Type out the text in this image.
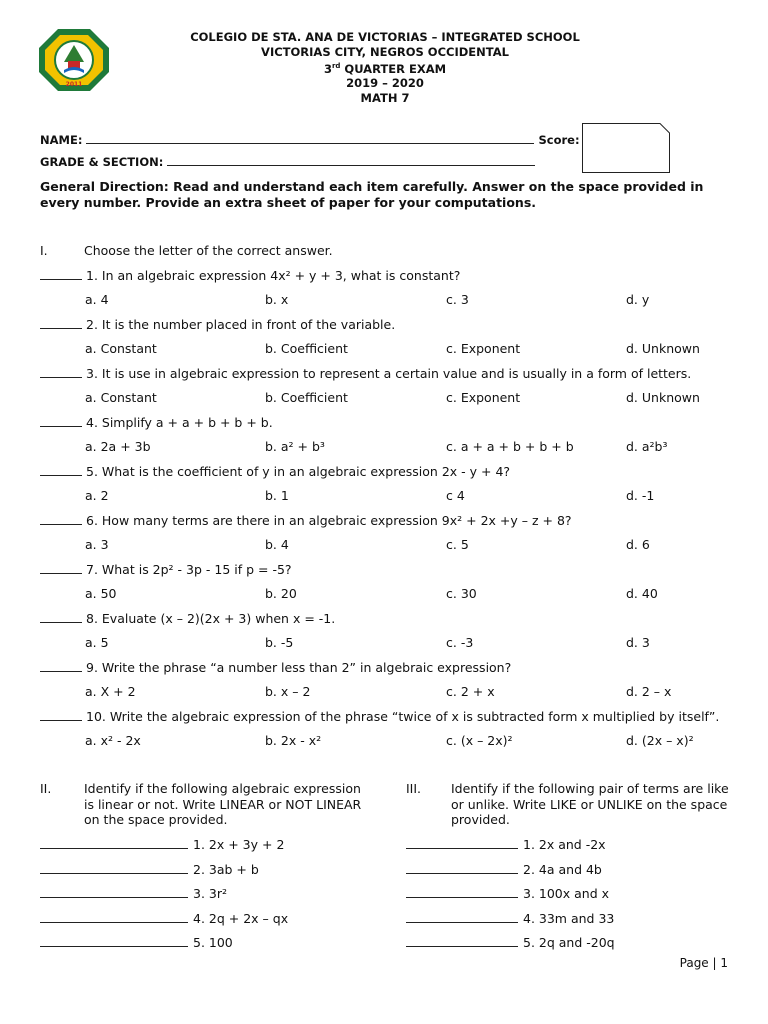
2011
COLEGIO DE STA. ANA DE VICTORIAS – INTEGRATED SCHOOL
VICTORIAS CITY, NEGROS OCCIDENTAL
3rd QUARTER EXAM
2019 – 2020
MATH 7
NAME:	Score:
GRADE & SECTION:
General Direction: Read and understand each item carefully. Answer on the space provided in every number. Provide an extra sheet of paper for your computations.
I.	Choose the letter of the correct answer.
1. In an algebraic expression 4x² + y + 3, what is constant?
a. 4	b. x	c. 3	d. y
2. It is the number placed in front of the variable.
a. Constant	b. Coefficient	c. Exponent	d. Unknown
3. It is use in algebraic expression to represent a certain value and is usually in a form of letters.
a. Constant	b. Coefficient	c. Exponent	d. Unknown
4. Simplify a + a + b + b + b.
a. 2a + 3b	b. a² + b³	c. a + a + b + b + b	d. a²b³
5. What is the coefficient of y in an algebraic expression 2x - y + 4?
a. 2	b. 1	c 4	d. -1
6. How many terms are there in an algebraic expression 9x² + 2x +y – z + 8?
a. 3	b. 4	c. 5	d. 6
7. What is 2p² - 3p - 15 if p = -5?
a. 50	b. 20	c. 30	d. 40
8. Evaluate (x – 2)(2x + 3) when x = -1.
a. 5	b. -5	c. -3	d. 3
9. Write the phrase “a number less than 2” in algebraic expression?
a. X + 2	b. x – 2	c. 2 + x	d. 2 – x
10. Write the algebraic expression of the phrase “twice of x is subtracted form x multiplied by itself”.
a. x² - 2x	b. 2x - x²	c. (x – 2x)²	d. (2x – x)²
II.	Identify if the following algebraic expression is linear or not. Write LINEAR or NOT LINEAR on the space provided.
1. 2x + 3y + 2
2. 3ab + b
3. 3r²
4. 2q + 2x – qx
5. 100
III. Identify if the following pair of terms are like or unlike. Write LIKE or UNLIKE on the space provided.
1. 2x and -2x
2. 4a and 4b
3. 100x and x
4. 33m and 33
5. 2q and -20q
Page | 1
